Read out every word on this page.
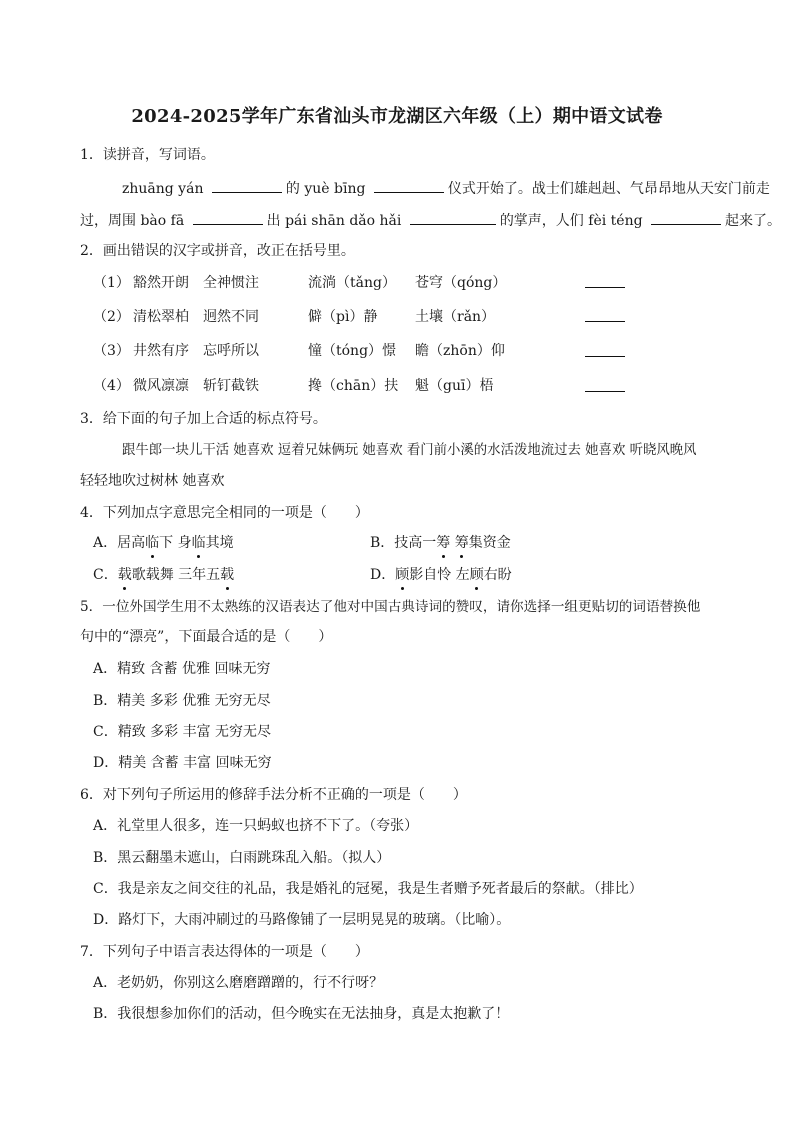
2024-2025学年广东省汕头市龙湖区六年级（上）期中语文试卷
1．读拼音，写词语。
zhuāng yán	的 yuè bīng	仪式开始了。战士们雄赳赳、气昂昂地从天安门前走
过，周围 bào fā	出 pái shān dǎo hǎi	的掌声，人们 fèi téng	起来了。
2．画出错误的汉字或拼音，改正在括号里。
（1） 豁然开朗 全神惯注	流淌（tǎng） 苍穹（qóng）
（2） 清松翠柏 迥然不同	僻（pì）静	土壤（rǎn）
（3） 井然有序 忘呼所以	憧（tóng）憬 瞻（zhōn）仰
（4） 微风凛凛 斩钉截铁	搀（chān）扶 魁（guī）梧
3．给下面的句子加上合适的标点符号。
跟牛郎一块儿干活 她喜欢 逗着兄妹俩玩 她喜欢 看门前小溪的水活泼地流过去 她喜欢 听晓风晚风
轻轻地吹过树林 她喜欢
4．下列加点字意思完全相同的一项是（　　）
A．居高临下 身临其境	B．技高一筹 筹集资金
C．载歌载舞 三年五载	D．顾影自怜 左顾右盼
5．一位外国学生用不太熟练的汉语表达了他对中国古典诗词的赞叹，请你选择一组更贴切的词语替换他
句中的“漂亮”，下面最合适的是（　　）
A．精致 含蓄 优雅 回味无穷
B．精美 多彩 优雅 无穷无尽
C．精致 多彩 丰富 无穷无尽
D．精美 含蓄 丰富 回味无穷
6．对下列句子所运用的修辞手法分析不正确的一项是（　　）
A．礼堂里人很多，连一只蚂蚁也挤不下了。（夸张）
B．黑云翻墨未遮山，白雨跳珠乱入船。（拟人）
C．我是亲友之间交往的礼品，我是婚礼的冠冕，我是生者赠予死者最后的祭献。（排比）
D．路灯下，大雨冲刷过的马路像铺了一层明晃晃的玻璃。（比喻）。
7．下列句子中语言表达得体的一项是（　　）
A．老奶奶，你别这么磨磨蹭蹭的，行不行呀？
B．我很想参加你们的活动，但今晚实在无法抽身，真是太抱歉了！
